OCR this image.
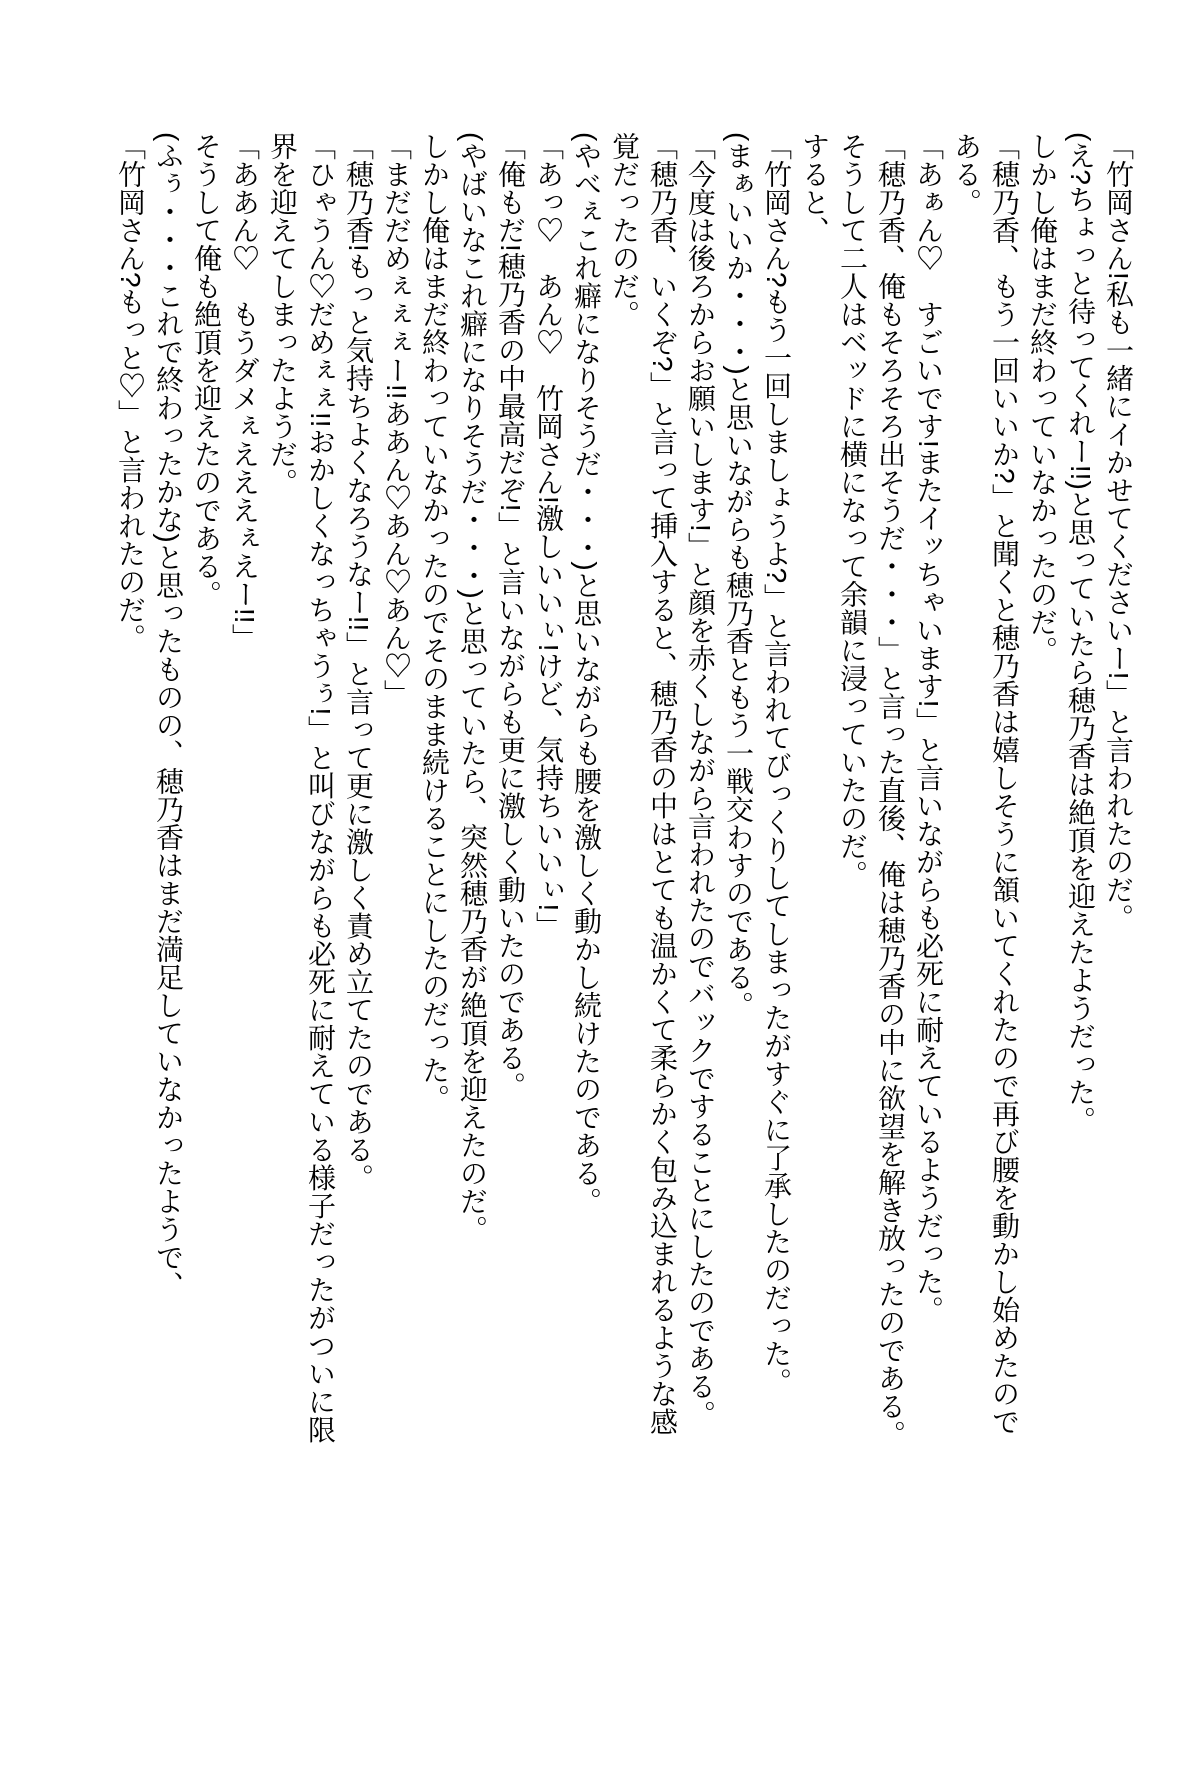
「竹岡さん!私も一緒にイかせてくださいー!」と言われたのだ。

(え?ちょっと待ってくれー!!)と思っていたら穂乃香は絶頂を迎えたようだった。

しかし俺はまだ終わっていなかったのだ。

「穂乃香、もう一回いいか?」と聞くと穂乃香は嬉しそうに頷いてくれたので再び腰を動かし始めたのである。

「あぁん♡　すごいです!またイッちゃいます!」と言いながらも必死に耐えているようだった。

「穂乃香、俺もそろそろ出そうだ・・・」と言った直後、俺は穂乃香の中に欲望を解き放ったのである。

そうして二人はベッドに横になって余韻に浸っていたのだ。

すると、

「竹岡さん?もう一回しましょうよ?」と言われてびっくりしてしまったがすぐに了承したのだった。

(まぁいいか・・・)と思いながらも穂乃香ともう一戦交わすのである。

「今度は後ろからお願いします!」と顔を赤くしながら言われたのでバックですることにしたのである。

「穂乃香、いくぞ?」と言って挿入すると、穂乃香の中はとても温かくて柔らかく包み込まれるような感覚だったのだ。

(やべぇこれ癖になりそうだ・・・)と思いながらも腰を激しく動かし続けたのである。

「あっ♡　あん♡　竹岡さん!激しいいぃ!けど、気持ちいいぃ!」

「俺もだ!穂乃香の中最高だぞ!」と言いながらも更に激しく動いたのである。

(やばいなこれ癖になりそうだ・・・)と思っていたら、突然穂乃香が絶頂を迎えたのだ。

しかし俺はまだ終わっていなかったのでそのまま続けることにしたのだった。

「まだだめぇぇぇー!!ああん♡あん♡あん♡」

「穂乃香!もっと気持ちよくなろうなー!!」と言って更に激しく責め立てたのである。

「ひゃうん♡だめぇぇ!!おかしくなっちゃうぅ!」と叫びながらも必死に耐えている様子だったがついに限界を迎えてしまったようだ。

「ああん♡　もうダメぇえええぇえー!!」

そうして俺も絶頂を迎えたのである。

(ふぅ・・・これで終わったかな)と思ったものの、穂乃香はまだ満足していなかったようで、

「竹岡さん?もっと♡」と言われたのだ。
